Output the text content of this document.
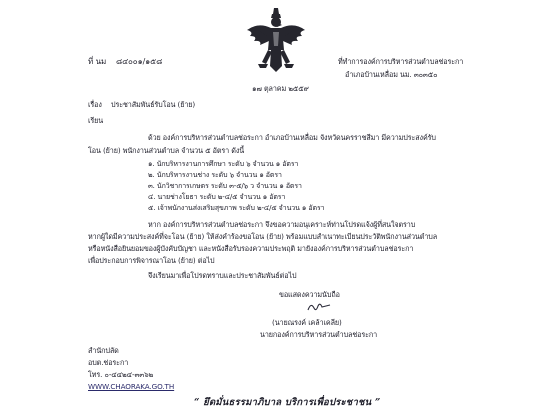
ที่ นม ๘๔๐๐๑/๑๕๘	ที่ทำการองค์การบริหารส่วนตำบลช่อระกา
อำเภอบ้านเหลื่อม นม. ๓๐๓๕๐
๑๗ ตุลาคม ๒๕๕๙
เรื่อง ประชาสัมพันธ์รับโอน (ย้าย)
เรียน
ด้วย องค์การบริหารส่วนตำบลช่อระกา อำเภอบ้านเหลื่อม จังหวัดนครราชสีมา มีความประสงค์รับ
โอน (ย้าย) พนักงานส่วนตำบล จำนวน ๕ อัตรา ดังนี้
๑. นักบริหารงานการศึกษา ระดับ ๖ จำนวน ๑ อัตรา
๒. นักบริหารงานช่าง ระดับ ๖ จำนวน ๑ อัตรา
๓. นักวิชาการเกษตร ระดับ ๓-๕/๖ ว จำนวน ๑ อัตรา
๔. นายช่างโยธา ระดับ ๒-๔/๕ จำนวน ๑ อัตรา
๕. เจ้าพนักงานส่งเสริมสุขภาพ ระดับ ๒-๔/๕ จำนวน ๑ อัตรา
หาก องค์การบริหารส่วนตำบลช่อระกา จึงขอความอนุเคราะห์ท่านโปรดแจ้งผู้ที่สนใจตราบ
หากผู้ใดมีความประสงค์ที่จะโอน (ย้าย) ให้ส่งคำร้องขอโอน (ย้าย) พร้อมแบบสำเนาทะเบียนประวัติพนักงานส่วนตำบล
หรือหนังสือยินยอมของผู้บังคับบัญชา และหนังสือรับรองความประพฤติ มายังองค์การบริหารส่วนตำบลช่อระกา
เพื่อประกอบการพิจารณาโอน (ย้าย) ต่อไป
จึงเรียนมาเพื่อโปรดทราบและประชาสัมพันธ์ต่อไป
ขอแสดงความนับถือ
(นายณรงค์ เคล้าเคลีย)
นายกองค์การบริหารส่วนตำบลช่อระกา
สำนักปลัด
อบต.ช่อระกา
โทร. ๐-๔๔๒๔-๓๓๖๒
WWW.CHAORAKA.GO.TH
“ ยึดมั่นธรรมาภิบาล บริการเพื่อประชาชน ”
